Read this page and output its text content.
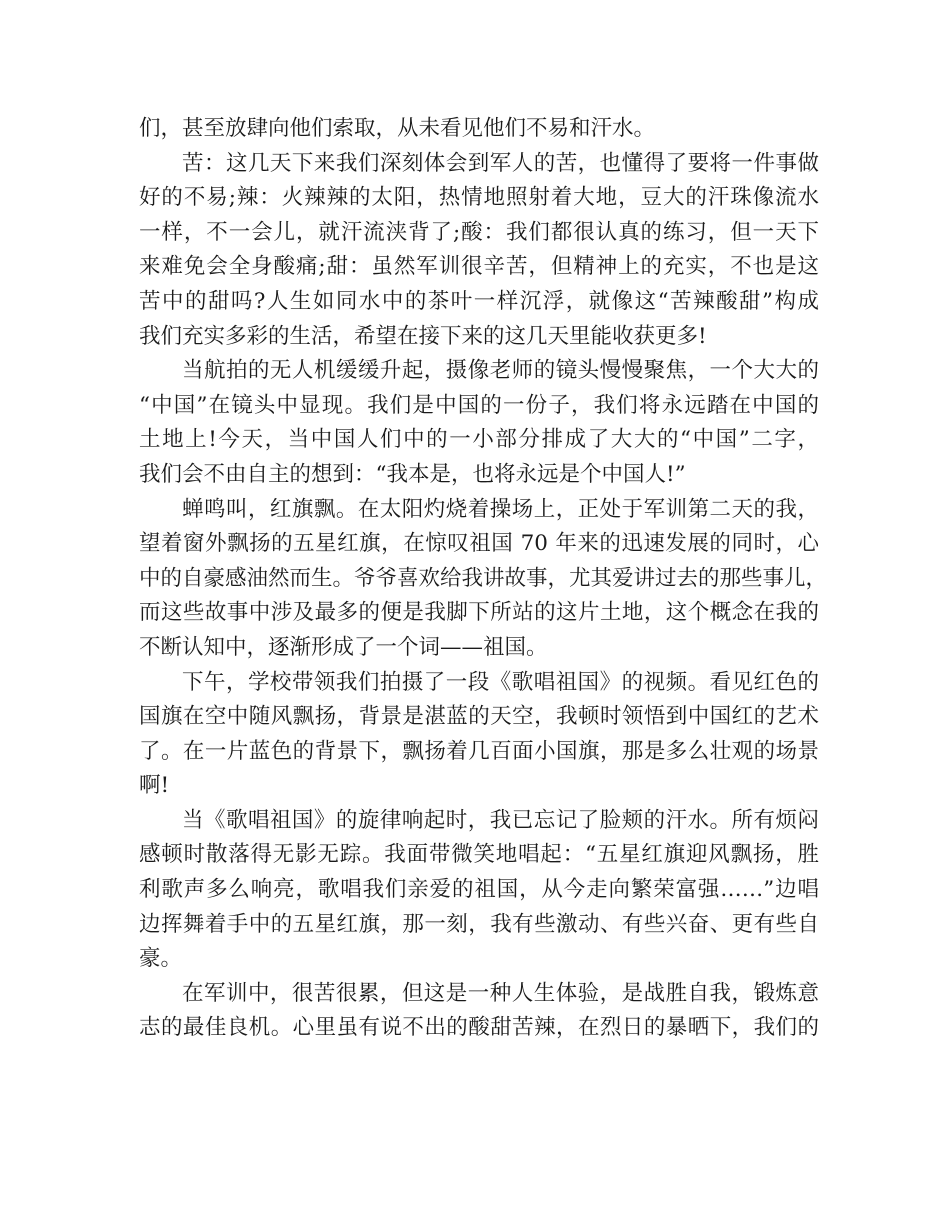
们，甚至放肆向他们索取，从未看见他们不易和汗水。
苦：这几天下来我们深刻体会到军人的苦，也懂得了要将一件事做
好的不易;辣：火辣辣的太阳，热情地照射着大地，豆大的汗珠像流水
一样，不一会儿，就汗流浃背了;酸：我们都很认真的练习，但一天下
来难免会全身酸痛;甜：虽然军训很辛苦，但精神上的充实，不也是这
苦中的甜吗?人生如同水中的茶叶一样沉浮，就像这“苦辣酸甜”构成
我们充实多彩的生活，希望在接下来的这几天里能收获更多!
当航拍的无人机缓缓升起，摄像老师的镜头慢慢聚焦，一个大大的
“中国”在镜头中显现。我们是中国的一份子，我们将永远踏在中国的
土地上!今天，当中国人们中的一小部分排成了大大的“中国”二字，
我们会不由自主的想到：“我本是，也将永远是个中国人!”
蝉鸣叫，红旗飘。在太阳灼烧着操场上，正处于军训第二天的我，
望着窗外飘扬的五星红旗，在惊叹祖国 70 年来的迅速发展的同时，心
中的自豪感油然而生。爷爷喜欢给我讲故事，尤其爱讲过去的那些事儿，
而这些故事中涉及最多的便是我脚下所站的这片土地，这个概念在我的
不断认知中，逐渐形成了一个词——祖国。
下午，学校带领我们拍摄了一段《歌唱祖国》的视频。看见红色的
国旗在空中随风飘扬，背景是湛蓝的天空，我顿时领悟到中国红的艺术
了。在一片蓝色的背景下，飘扬着几百面小国旗，那是多么壮观的场景
啊!
当《歌唱祖国》的旋律响起时，我已忘记了脸颊的汗水。所有烦闷
感顿时散落得无影无踪。我面带微笑地唱起：“五星红旗迎风飘扬，胜
利歌声多么响亮，歌唱我们亲爱的祖国，从今走向繁荣富强……”边唱
边挥舞着手中的五星红旗，那一刻，我有些激动、有些兴奋、更有些自
豪。
在军训中，很苦很累，但这是一种人生体验，是战胜自我，锻炼意
志的最佳良机。心里虽有说不出的酸甜苦辣，在烈日的暴晒下，我们的
